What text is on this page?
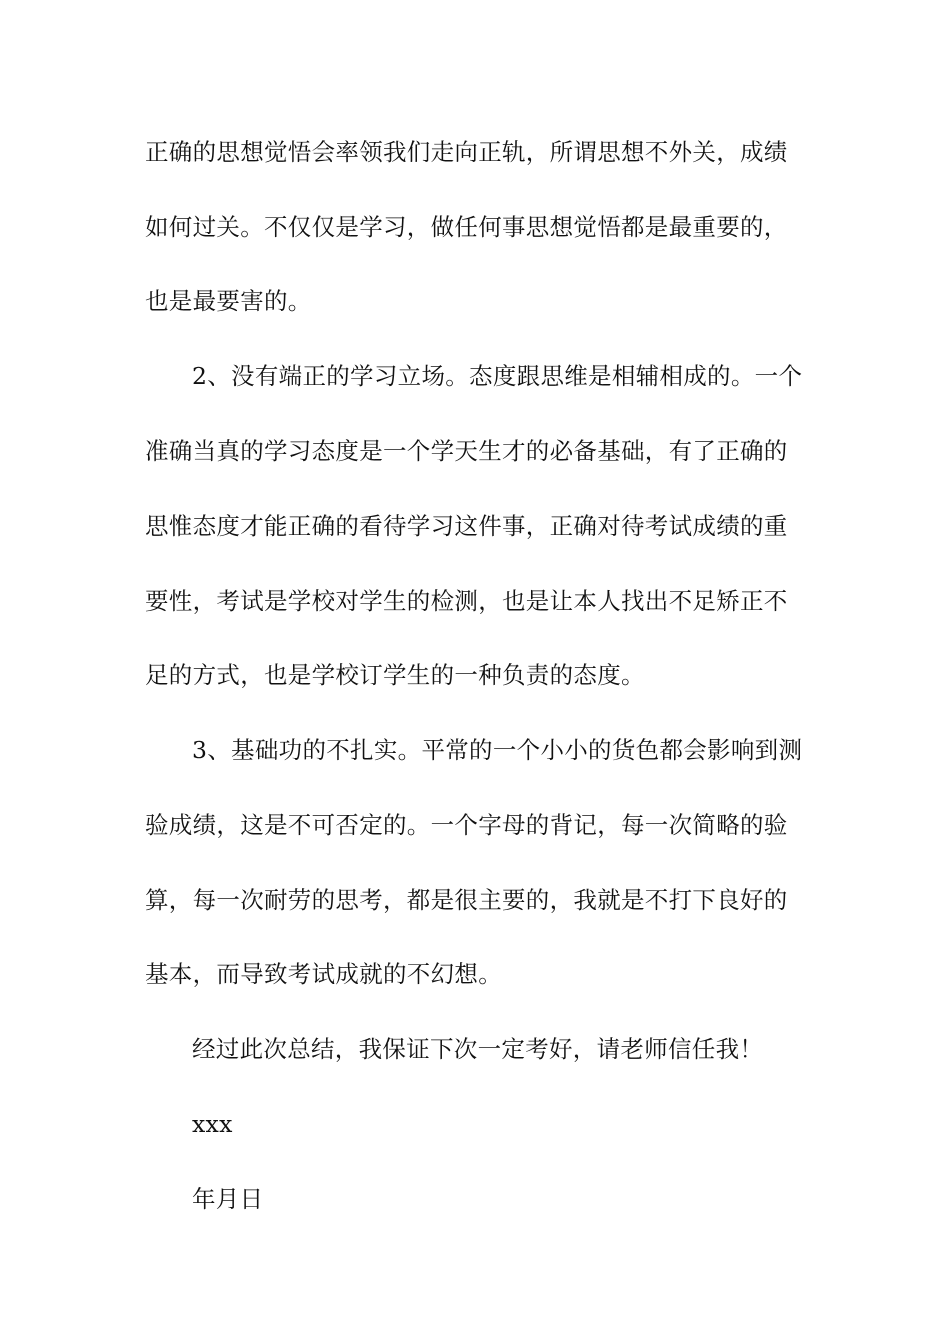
正确的思想觉悟会率领我们走向正轨，所谓思想不外关，成绩
如何过关。不仅仅是学习，做任何事思想觉悟都是最重要的，
也是最要害的。
2、没有端正的学习立场。态度跟思维是相辅相成的。一个
准确当真的学习态度是一个学天生才的必备基础，有了正确的
思惟态度才能正确的看待学习这件事，正确对待考试成绩的重
要性，考试是学校对学生的检测，也是让本人找出不足矫正不
足的方式，也是学校订学生的一种负责的态度。
3、基础功的不扎实。平常的一个小小的货色都会影响到测
验成绩，这是不可否定的。一个字母的背记，每一次简略的验
算，每一次耐劳的思考，都是很主要的，我就是不打下良好的
基本，而导致考试成就的不幻想。
经过此次总结，我保证下次一定考好，请老师信任我！
xxx
年月日
